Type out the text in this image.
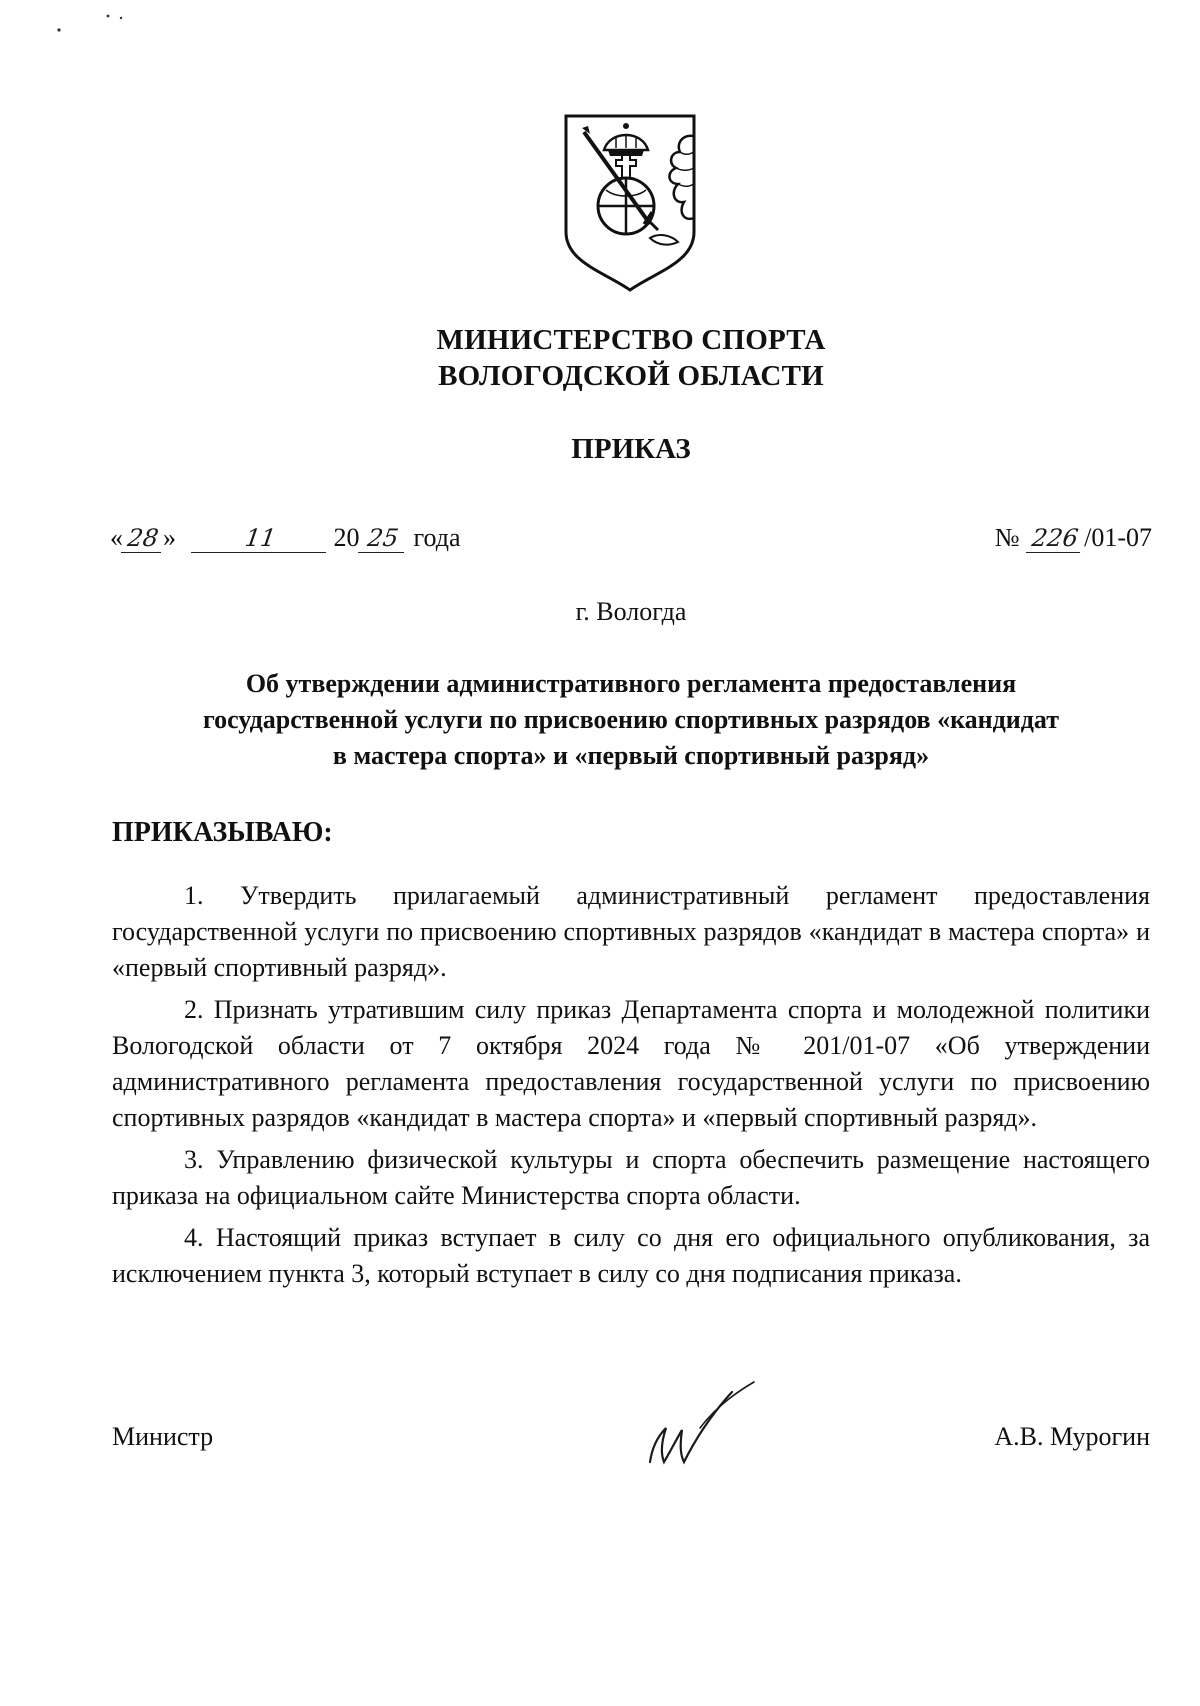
МИНИСТЕРСТВО СПОРТА
ВОЛОГОДСКОЙ ОБЛАСТИ
ПРИКАЗ
« 28 »	11 20 25 года	№ 226 /01-07
г. Вологда
Об утверждении административного регламента предоставления
государственной услуги по присвоению спортивных разрядов «кандидат
в мастера спорта» и «первый спортивный разряд»
ПРИКАЗЫВАЮ:

1. Утвердить прилагаемый административный регламент предоставления государственной услуги по присвоению спортивных разрядов «кандидат в мастера спорта» и «первый спортивный разряд».

2. Признать утратившим силу приказ Департамента спорта и молодежной политики Вологодской области от 7 октября 2024 года № 201/01-07 «Об утверждении административного регламента предоставления государственной услуги по присвоению спортивных разрядов «кандидат в мастера спорта» и «первый спортивный разряд».

3. Управлению физической культуры и спорта обеспечить размещение настоящего приказа на официальном сайте Министерства спорта области.

4. Настоящий приказ вступает в силу со дня его официального опубликования, за исключением пункта 3, который вступает в силу со дня подписания приказа.

Министр	А.В. Мурогин
